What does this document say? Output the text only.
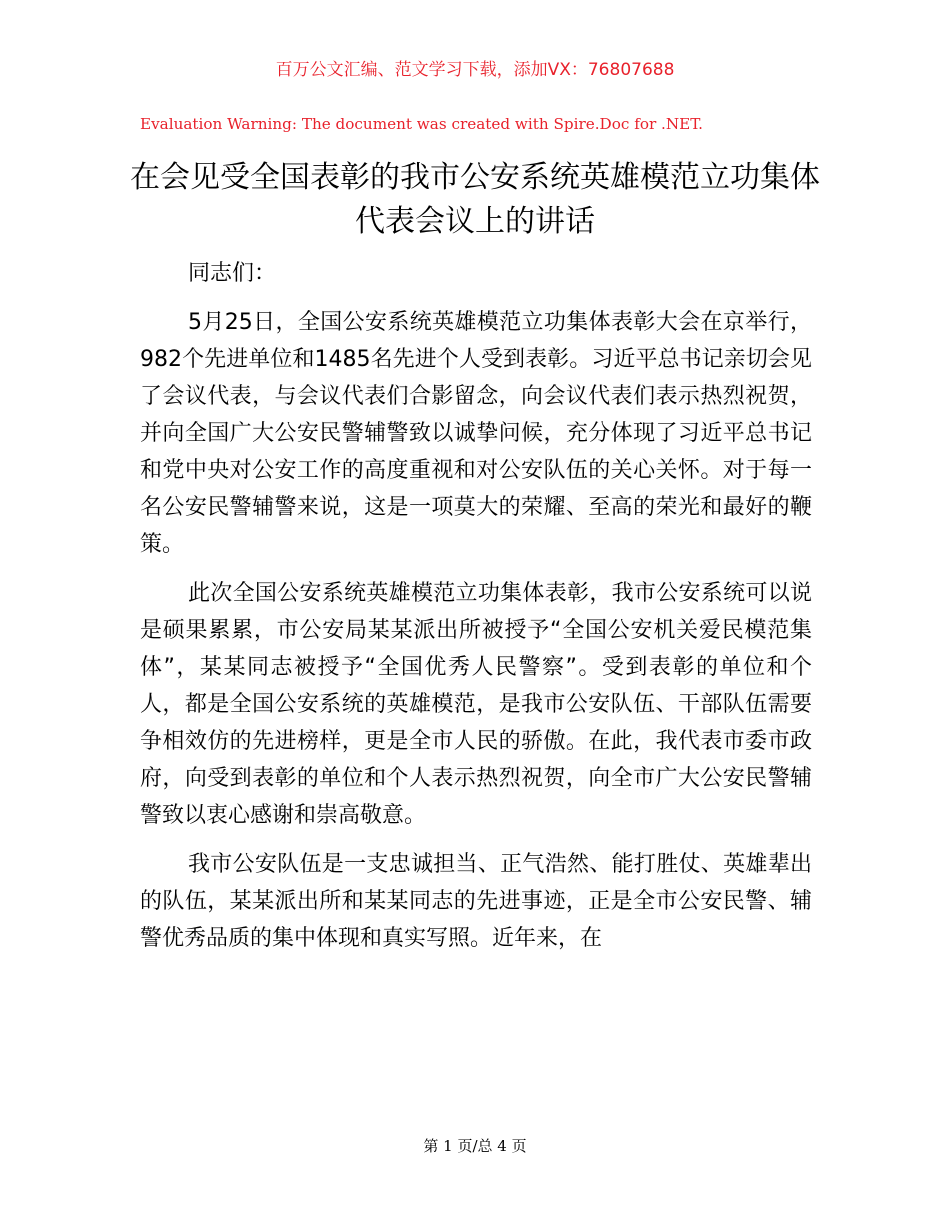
百万公文汇编、范文学习下载，添加VX：76807688
Evaluation Warning: The document was created with Spire.Doc for .NET.
在会见受全国表彰的我市公安系统英雄模范立功集体代表会议上的讲话

同志们：

5月25日，全国公安系统英雄模范立功集体表彰大会在京举行，982个先进单位和1485名先进个人受到表彰。习近平总书记亲切会见了会议代表，与会议代表们合影留念，向会议代表们表示热烈祝贺，并向全国广大公安民警辅警致以诚挚问候，充分体现了习近平总书记和党中央对公安工作的高度重视和对公安队伍的关心关怀。对于每一名公安民警辅警来说，这是一项莫大的荣耀、至高的荣光和最好的鞭策。

此次全国公安系统英雄模范立功集体表彰，我市公安系统可以说是硕果累累，市公安局某某派出所被授予“全国公安机关爱民模范集体”，某某同志被授予“全国优秀人民警察”。受到表彰的单位和个人，都是全国公安系统的英雄模范，是我市公安队伍、干部队伍需要争相效仿的先进榜样，更是全市人民的骄傲。在此，我代表市委市政府，向受到表彰的单位和个人表示热烈祝贺，向全市广大公安民警辅警致以衷心感谢和崇高敬意。

我市公安队伍是一支忠诚担当、正气浩然、能打胜仗、英雄辈出的队伍，某某派出所和某某同志的先进事迹，正是全市公安民警、辅警优秀品质的集中体现和真实写照。近年来，在

第 1 页/总 4 页
